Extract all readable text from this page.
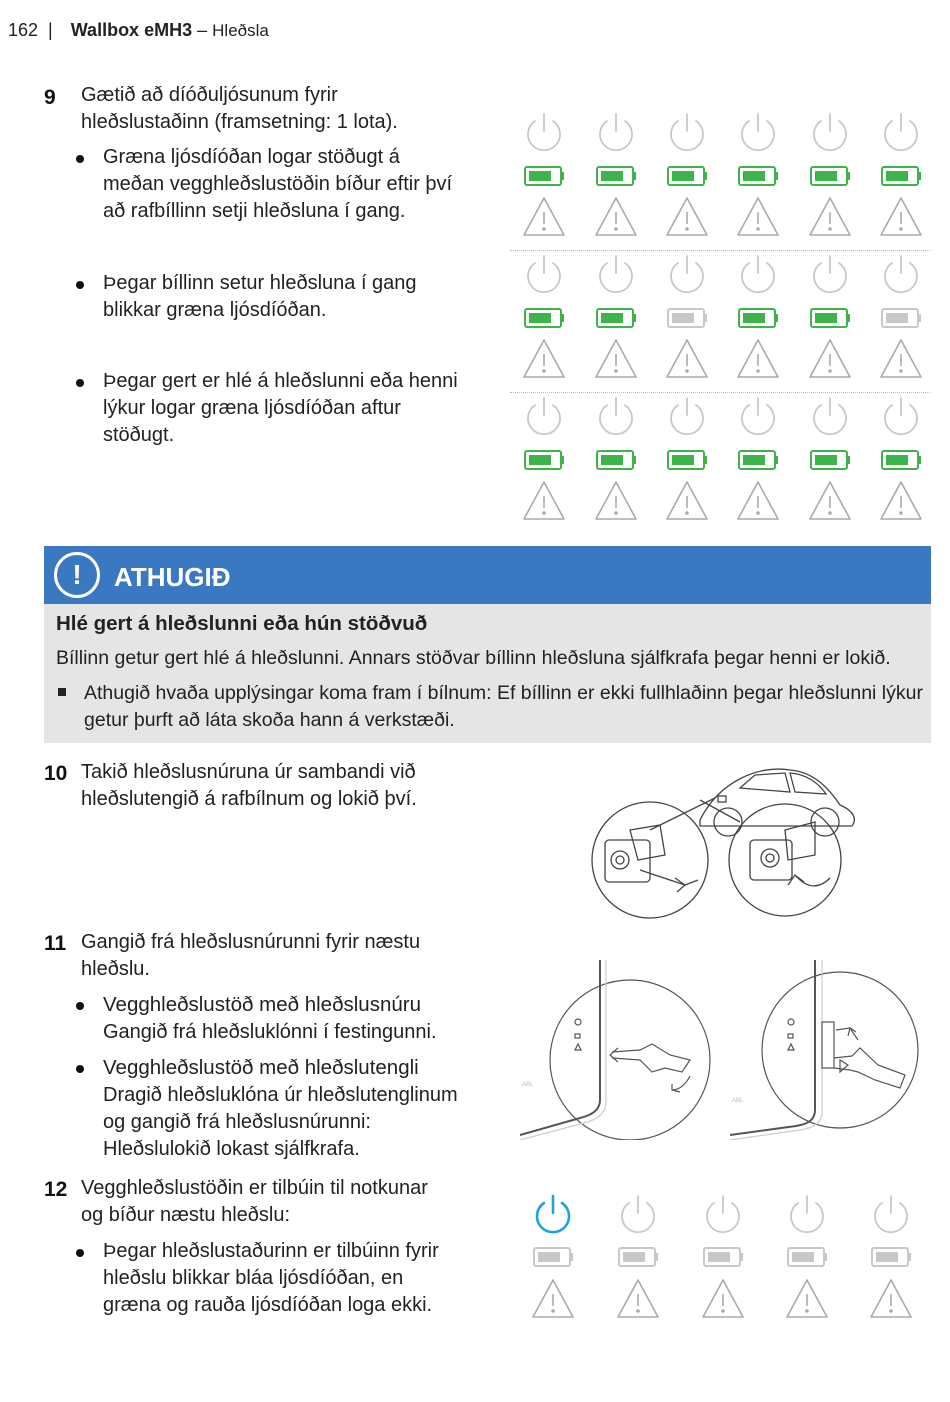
162 | Wallbox eMH3 – Hleðsla
9 Gætið að díóðuljósunum fyrir hleðslustaðinn (framsetning: 1 lota).
Græna ljósdíóðan logar stöðugt á meðan vegghleðslustöðin bíður eftir því að rafbíllinn setji hleðsluna í gang.
Þegar bíllinn setur hleðsluna í gang blikkar græna ljósdíóðan.
Þegar gert er hlé á hleðslunni eða henni lýkur logar græna ljósdíóðan aftur stöðugt.
!	ATHUGIÐ
Hlé gert á hleðslunni eða hún stöðvuð
Bíllinn getur gert hlé á hleðslunni. Annars stöðvar bíllinn hleðsluna sjálfkrafa þegar henni er lokið.
Athugið hvaða upplýsingar koma fram í bílnum: Ef bíllinn er ekki fullhlaðinn þegar hleðslunni lýkur getur þurft að láta skoða hann á verkstæði.
10 Takið hleðslusnúruna úr sambandi við hleðslutengið á rafbílnum og lokið því.
11 Gangið frá hleðslusnúrunni fyrir næstu hleðslu.
Vegghleðslustöð með hleðslusnúru
Gangið frá hleðsluklónni í festingunni.
Vegghleðslustöð með hleðslutengli
Dragið hleðsluklóna úr hleðslutenglinum og gangið frá hleðslusnúrunni: Hleðslulokið lokast sjálfkrafa.
ABL
ABL
12 Vegghleðslustöðin er tilbúin til notkunar og bíður næstu hleðslu:
Þegar hleðslustaðurinn er tilbúinn fyrir hleðslu blikkar bláa ljósdíóðan, en græna og rauða ljósdíóðan loga ekki.
